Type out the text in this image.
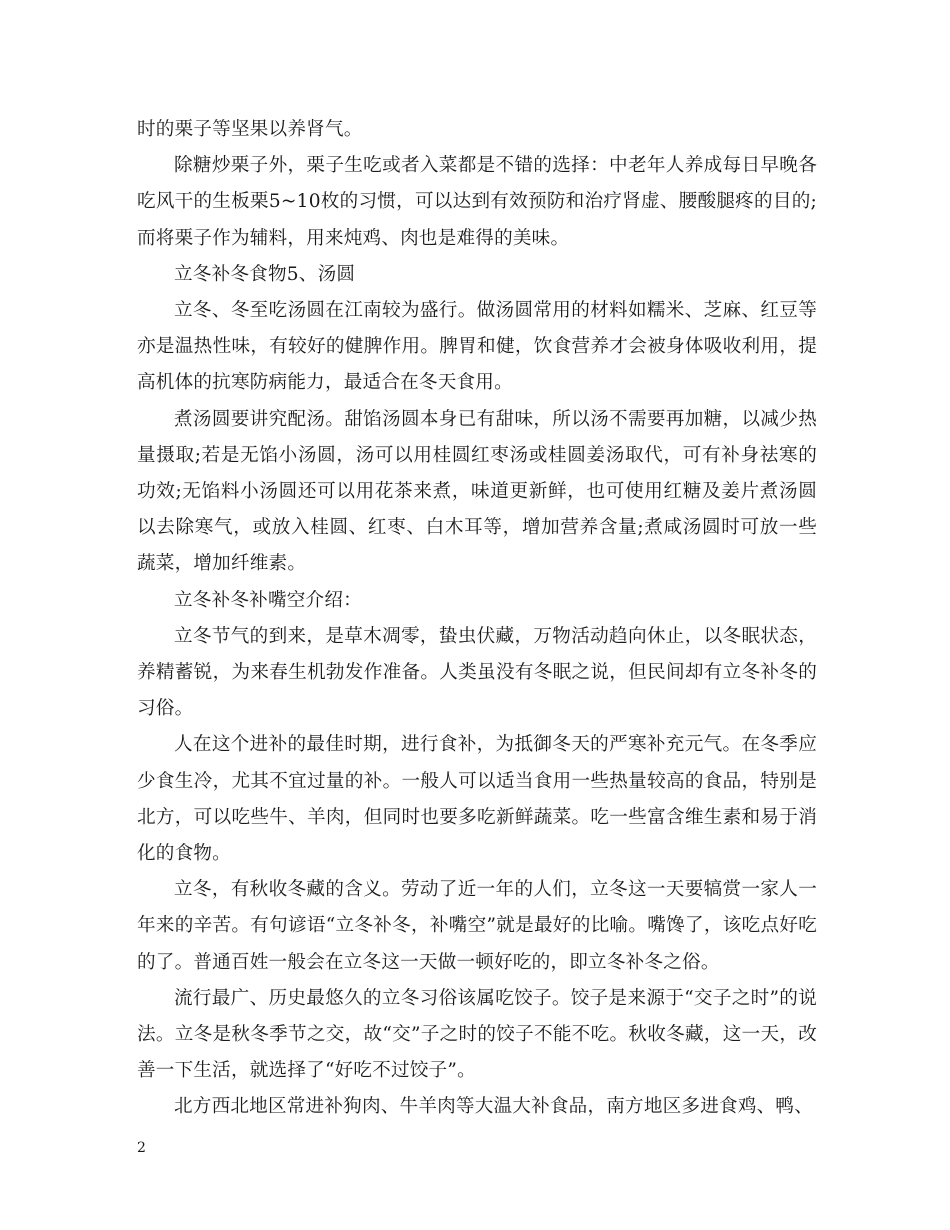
时的栗子等坚果以养肾气。

除糖炒栗子外，栗子生吃或者入菜都是不错的选择：中老年人养成每日早晚各吃风干的生板栗5~10枚的习惯，可以达到有效预防和治疗肾虚、腰酸腿疼的目的;而将栗子作为辅料，用来炖鸡、肉也是难得的美味。

立冬补冬食物5、汤圆

立冬、冬至吃汤圆在江南较为盛行。做汤圆常用的材料如糯米、芝麻、红豆等亦是温热性味，有较好的健脾作用。脾胃和健，饮食营养才会被身体吸收利用，提高机体的抗寒防病能力，最适合在冬天食用。

煮汤圆要讲究配汤。甜馅汤圆本身已有甜味，所以汤不需要再加糖，以减少热量摄取;若是无馅小汤圆，汤可以用桂圆红枣汤或桂圆姜汤取代，可有补身祛寒的功效;无馅料小汤圆还可以用花茶来煮，味道更新鲜，也可使用红糖及姜片煮汤圆以去除寒气，或放入桂圆、红枣、白木耳等，增加营养含量;煮咸汤圆时可放一些蔬菜，增加纤维素。

立冬补冬补嘴空介绍：

立冬节气的到来，是草木凋零，蛰虫伏藏，万物活动趋向休止，以冬眠状态，养精蓄锐，为来春生机勃发作准备。人类虽没有冬眠之说，但民间却有立冬补冬的习俗。

人在这个进补的最佳时期，进行食补，为抵御冬天的严寒补充元气。在冬季应少食生冷，尤其不宜过量的补。一般人可以适当食用一些热量较高的食品，特别是北方，可以吃些牛、羊肉，但同时也要多吃新鲜蔬菜。吃一些富含维生素和易于消化的食物。

立冬，有秋收冬藏的含义。劳动了近一年的人们，立冬这一天要犒赏一家人一年来的辛苦。有句谚语“立冬补冬，补嘴空”就是最好的比喻。嘴馋了，该吃点好吃的了。普通百姓一般会在立冬这一天做一顿好吃的，即立冬补冬之俗。

流行最广、历史最悠久的立冬习俗该属吃饺子。饺子是来源于“交子之时”的说法。立冬是秋冬季节之交，故“交”子之时的饺子不能不吃。秋收冬藏，这一天，改善一下生活，就选择了“好吃不过饺子”。

北方西北地区常进补狗肉、牛羊肉等大温大补食品，南方地区多进食鸡、鸭、

2
